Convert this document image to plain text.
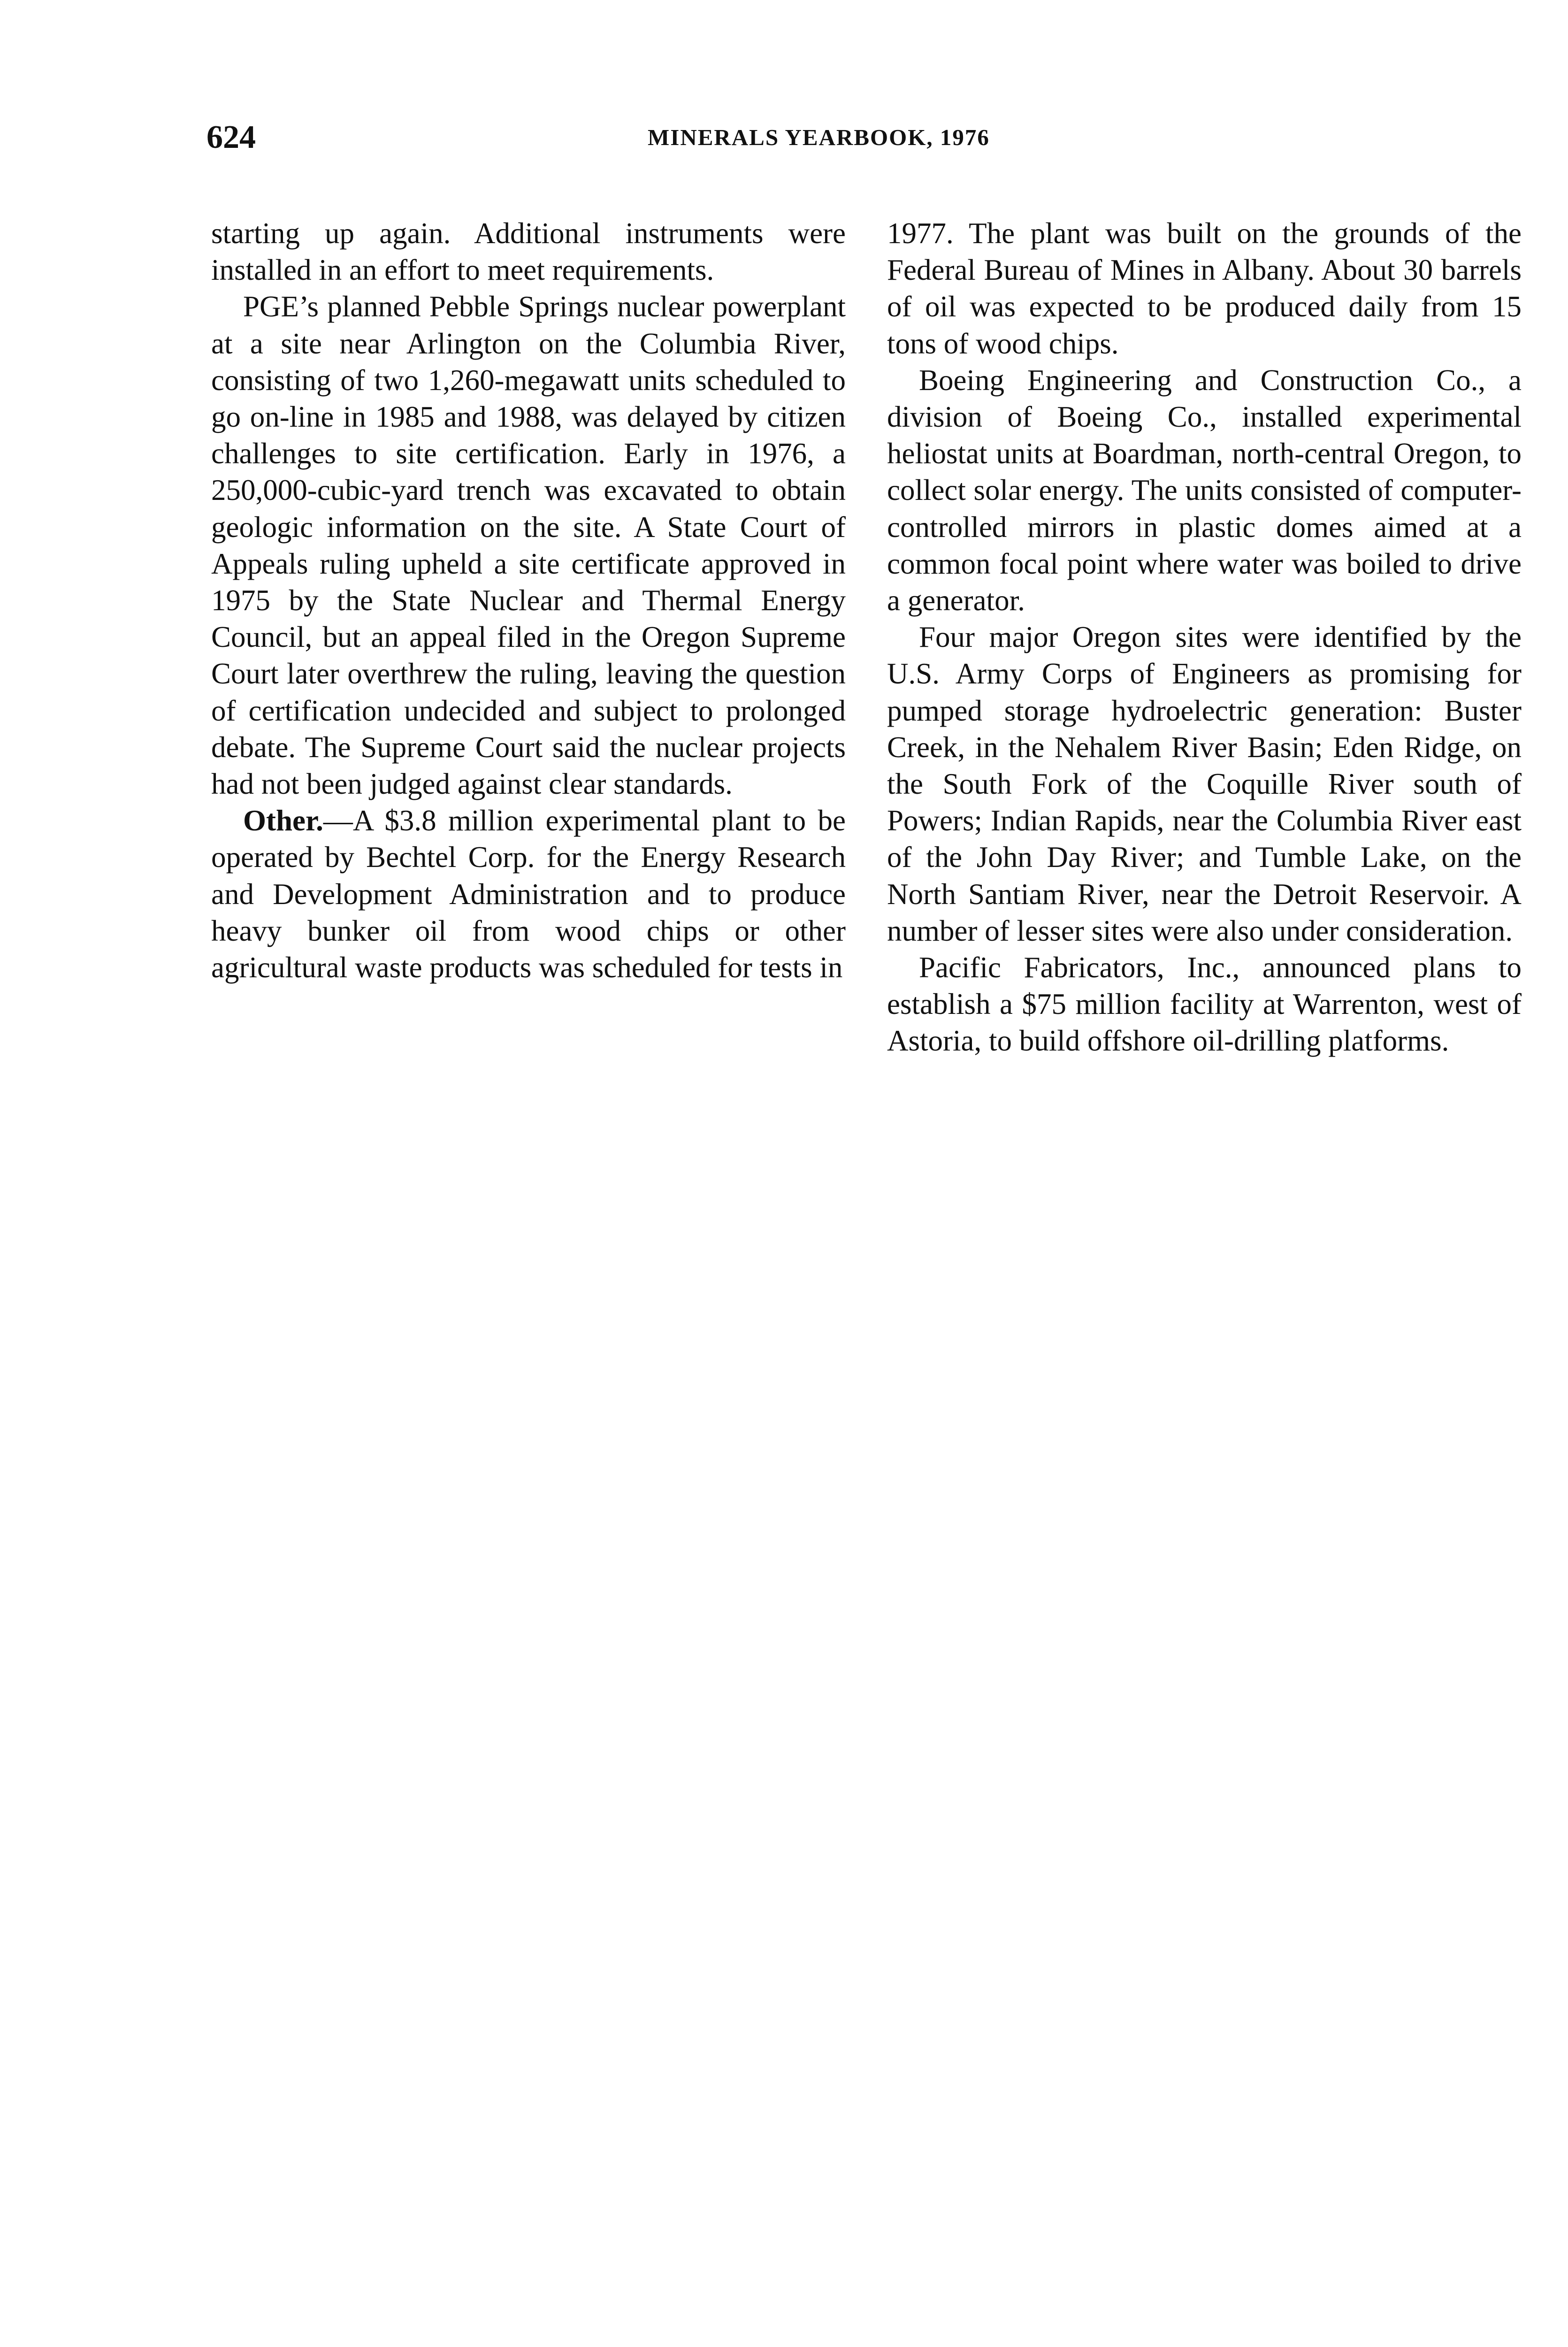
624	MINERALS YEARBOOK, 1976

starting up again. Additional instruments were installed in an effort to meet requirements.

PGE’s planned Pebble Springs nuclear powerplant at a site near Arlington on the Columbia River, consisting of two 1,260-megawatt units scheduled to go on-line in 1985 and 1988, was delayed by citizen challenges to site certification. Early in 1976, a 250,000-cubic-yard trench was excavated to obtain geologic information on the site. A State Court of Appeals ruling upheld a site certificate approved in 1975 by the State Nuclear and Thermal Energy Council, but an appeal filed in the Oregon Supreme Court later overthrew the ruling, leaving the question of certification undecided and subject to prolonged debate. The Supreme Court said the nuclear projects had not been judged against clear standards.

Other.—A $3.8 million experimental plant to be operated by Bechtel Corp. for the Energy Research and Development Administration and to produce heavy bunker oil from wood chips or other agricultural waste products was scheduled for tests in

1977. The plant was built on the grounds of the Federal Bureau of Mines in Albany. About 30 barrels of oil was expected to be produced daily from 15 tons of wood chips.

Boeing Engineering and Construction Co., a division of Boeing Co., installed experimental heliostat units at Boardman, north-central Oregon, to collect solar energy. The units consisted of computer-controlled mirrors in plastic domes aimed at a common focal point where water was boiled to drive a generator.

Four major Oregon sites were identified by the U.S. Army Corps of Engineers as promising for pumped storage hydroelectric generation: Buster Creek, in the Nehalem River Basin; Eden Ridge, on the South Fork of the Coquille River south of Powers; Indian Rapids, near the Columbia River east of the John Day River; and Tumble Lake, on the North Santiam River, near the Detroit Reservoir. A number of lesser sites were also under consideration.

Pacific Fabricators, Inc., announced plans to establish a $75 million facility at Warrenton, west of Astoria, to build offshore oil-drilling platforms.
